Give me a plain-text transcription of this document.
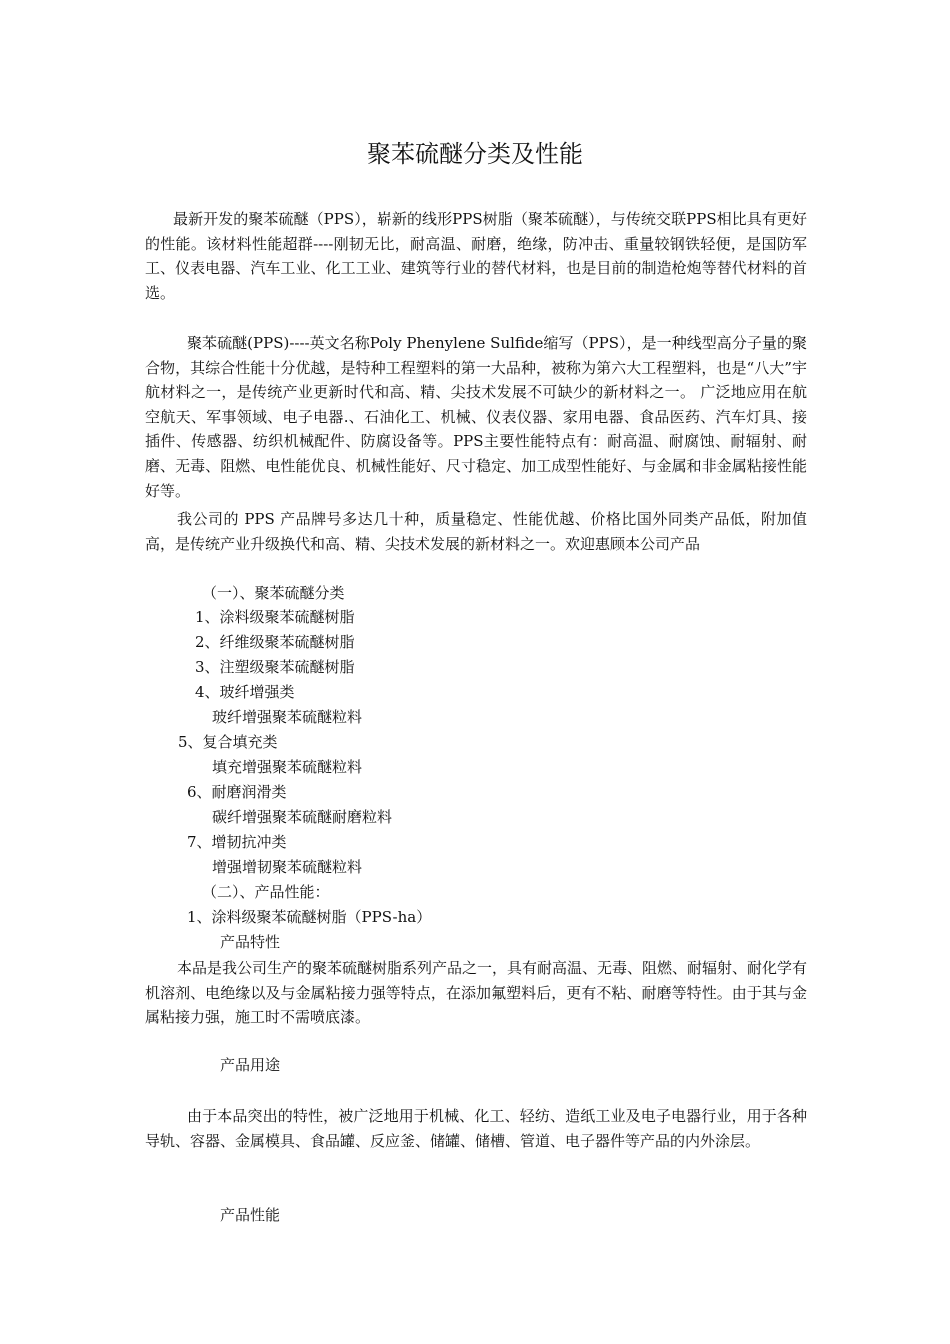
聚苯硫醚分类及性能

最新开发的聚苯硫醚（PPS），崭新的线形PPS树脂（聚苯硫醚），与传统交联PPS相比具有更好的性能。该材料性能超群----刚韧无比，耐高温、耐磨，绝缘，防冲击、重量较钢铁轻便，是国防军工、仪表电器、汽车工业、化工工业、建筑等行业的替代材料，也是目前的制造枪炮等替代材料的首选。

聚苯硫醚(PPS)----英文名称Poly Phenylene Sulfide缩写（PPS），是一种线型高分子量的聚合物，其综合性能十分优越，是特种工程塑料的第一大品种，被称为第六大工程塑料，也是“八大”宇航材料之一，是传统产业更新时代和高、精、尖技术发展不可缺少的新材料之一。 广泛地应用在航空航天、军事领域、电子电器.、石油化工、机械、仪表仪器、家用电器、食品医药、汽车灯具、接插件、传感器、纺织机械配件、防腐设备等。PPS主要性能特点有：耐高温、耐腐蚀、耐辐射、耐磨、无毒、阻燃、电性能优良、机械性能好、尺寸稳定、加工成型性能好、与金属和非金属粘接性能好等。

我公司的 PPS 产品牌号多达几十种，质量稳定、性能优越、价格比国外同类产品低，附加值高，是传统产业升级换代和高、精、尖技术发展的新材料之一。欢迎惠顾本公司产品

（一）、聚苯硫醚分类
1、涂料级聚苯硫醚树脂
2、纤维级聚苯硫醚树脂
3、注塑级聚苯硫醚树脂
4、玻纤增强类
玻纤增强聚苯硫醚粒料
5、复合填充类
填充增强聚苯硫醚粒料
6、耐磨润滑类
碳纤增强聚苯硫醚耐磨粒料
7、增韧抗冲类
增强增韧聚苯硫醚粒料
（二）、产品性能：
1、涂料级聚苯硫醚树脂（PPS-ha）
产品特性

本品是我公司生产的聚苯硫醚树脂系列产品之一，具有耐高温、无毒、阻燃、耐辐射、耐化学有机溶剂、电绝缘以及与金属粘接力强等特点，在添加氟塑料后，更有不粘、耐磨等特性。由于其与金属粘接力强，施工时不需喷底漆。

产品用途

由于本品突出的特性，被广泛地用于机械、化工、轻纺、造纸工业及电子电器行业，用于各种导轨、容器、金属模具、食品罐、反应釜、储罐、储槽、管道、电子器件等产品的内外涂层。

产品性能
